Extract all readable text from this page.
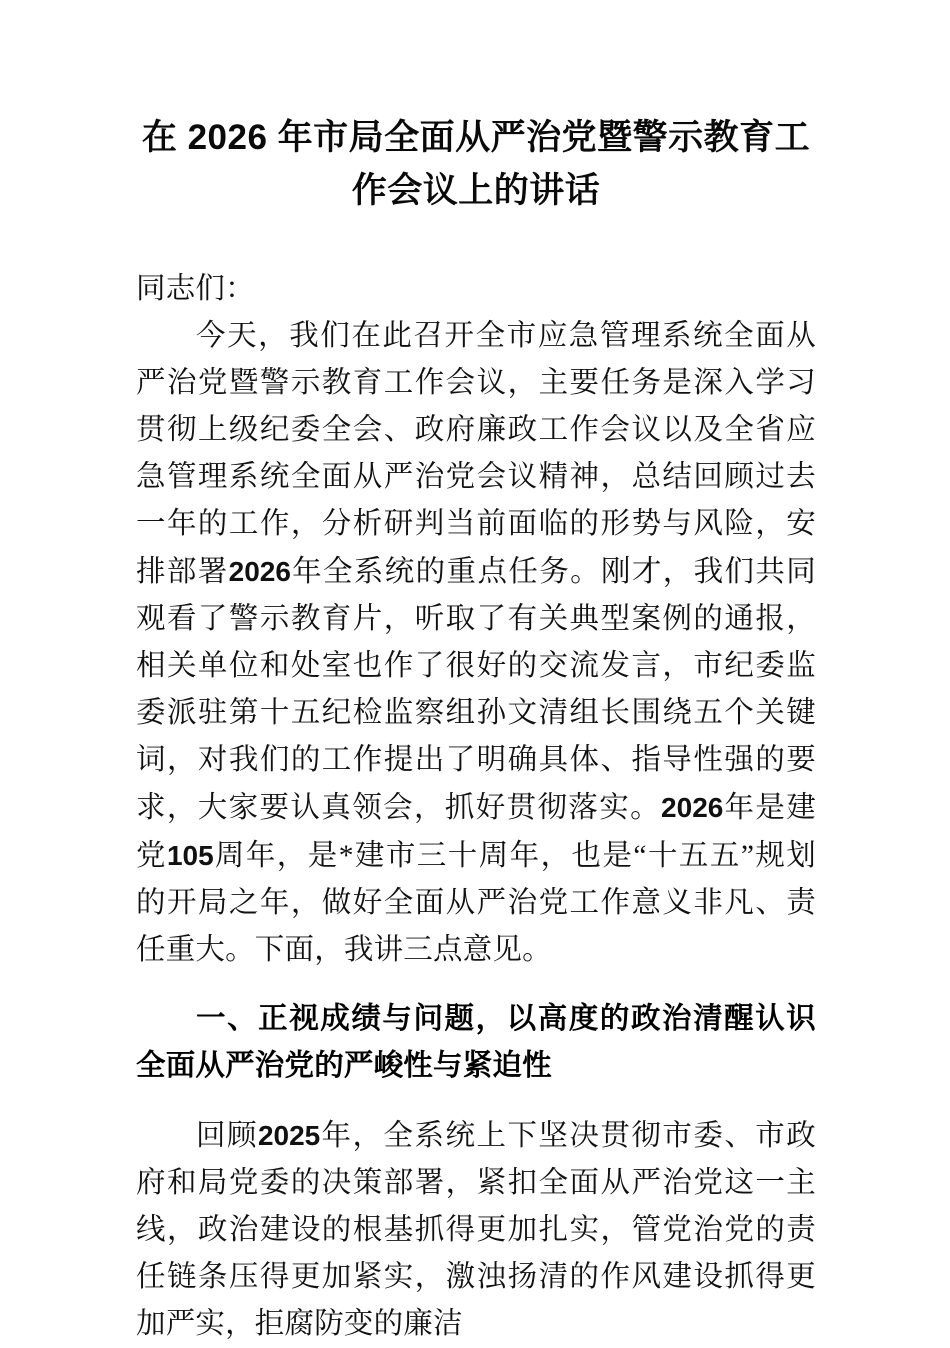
在 2026 年市局全面从严治党暨警示教育工
作会议上的讲话

同志们：

今天，我们在此召开全市应急管理系统全面从严治党暨警示教育工作会议，主要任务是深入学习贯彻上级纪委全会、政府廉政工作会议以及全省应急管理系统全面从严治党会议精神，总结回顾过去一年的工作，分析研判当前面临的形势与风险，安排部署2026年全系统的重点任务。刚才，我们共同观看了警示教育片，听取了有关典型案例的通报，相关单位和处室也作了很好的交流发言，市纪委监委派驻第十五纪检监察组孙文清组长围绕五个关键词，对我们的工作提出了明确具体、指导性强的要求，大家要认真领会，抓好贯彻落实。2026年是建党105周年，是*建市三十周年，也是“十五五”规划的开局之年，做好全面从严治党工作意义非凡、责任重大。下面，我讲三点意见。

一、正视成绩与问题，以高度的政治清醒认识全面从严治党的严峻性与紧迫性

回顾2025年，全系统上下坚决贯彻市委、市政府和局党委的决策部署，紧扣全面从严治党这一主线，政治建设的根基抓得更加扎实，管党治党的责任链条压得更加紧实，激浊扬清的作风建设抓得更加严实，拒腐防变的廉洁
